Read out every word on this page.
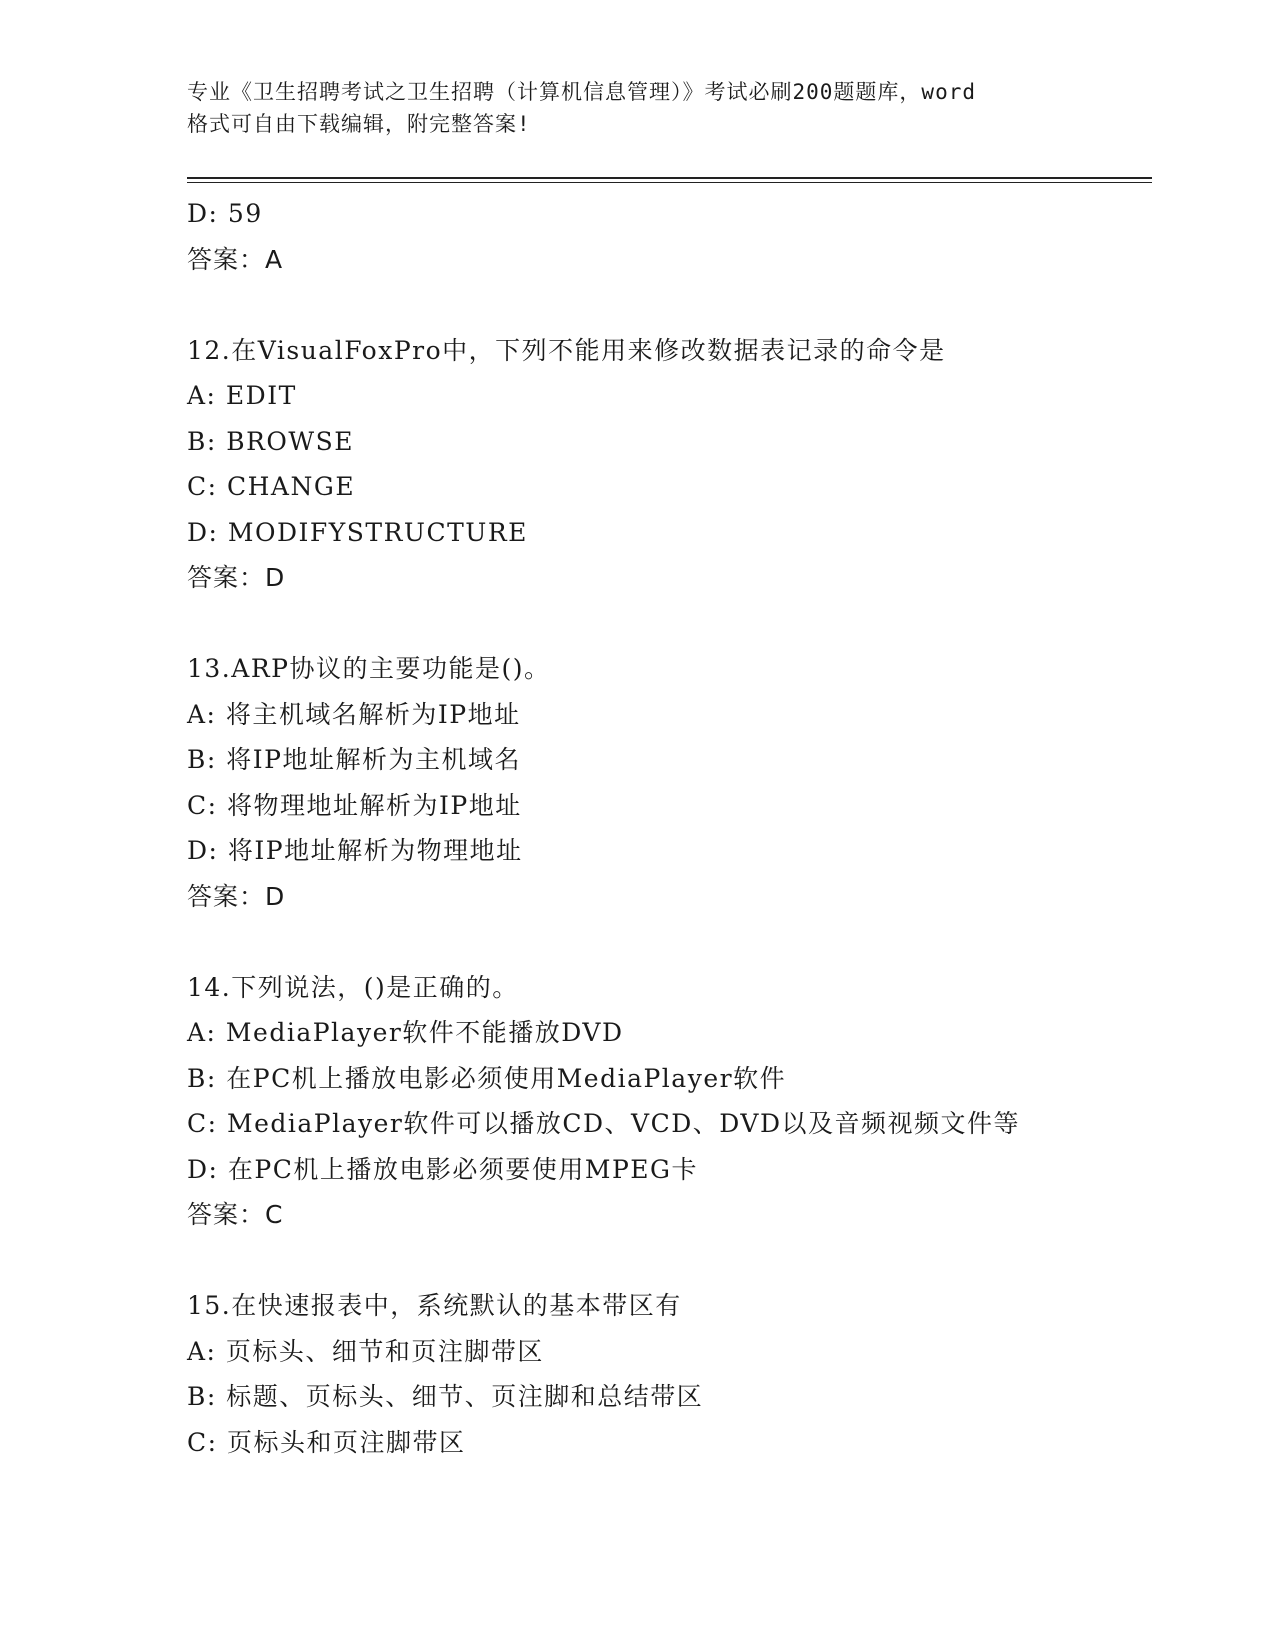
专业《卫生招聘考试之卫生招聘（计算机信息管理）》考试必刷200题题库，word
格式可自由下载编辑，附完整答案!
D: 59
答案：A
12.在VisualFoxPro中，下列不能用来修改数据表记录的命令是
A: EDIT
B: BROWSE
C: CHANGE
D: MODIFYSTRUCTURE
答案：D
13.ARP协议的主要功能是()。
A: 将主机域名解析为IP地址
B: 将IP地址解析为主机域名
C: 将物理地址解析为IP地址
D: 将IP地址解析为物理地址
答案：D
14.下列说法，()是正确的。
A: MediaPlayer软件不能播放DVD
B: 在PC机上播放电影必须使用MediaPlayer软件
C: MediaPlayer软件可以播放CD、VCD、DVD以及音频视频文件等
D: 在PC机上播放电影必须要使用MPEG卡
答案：C
15.在快速报表中，系统默认的基本带区有
A: 页标头、细节和页注脚带区
B: 标题、页标头、细节、页注脚和总结带区
C: 页标头和页注脚带区
